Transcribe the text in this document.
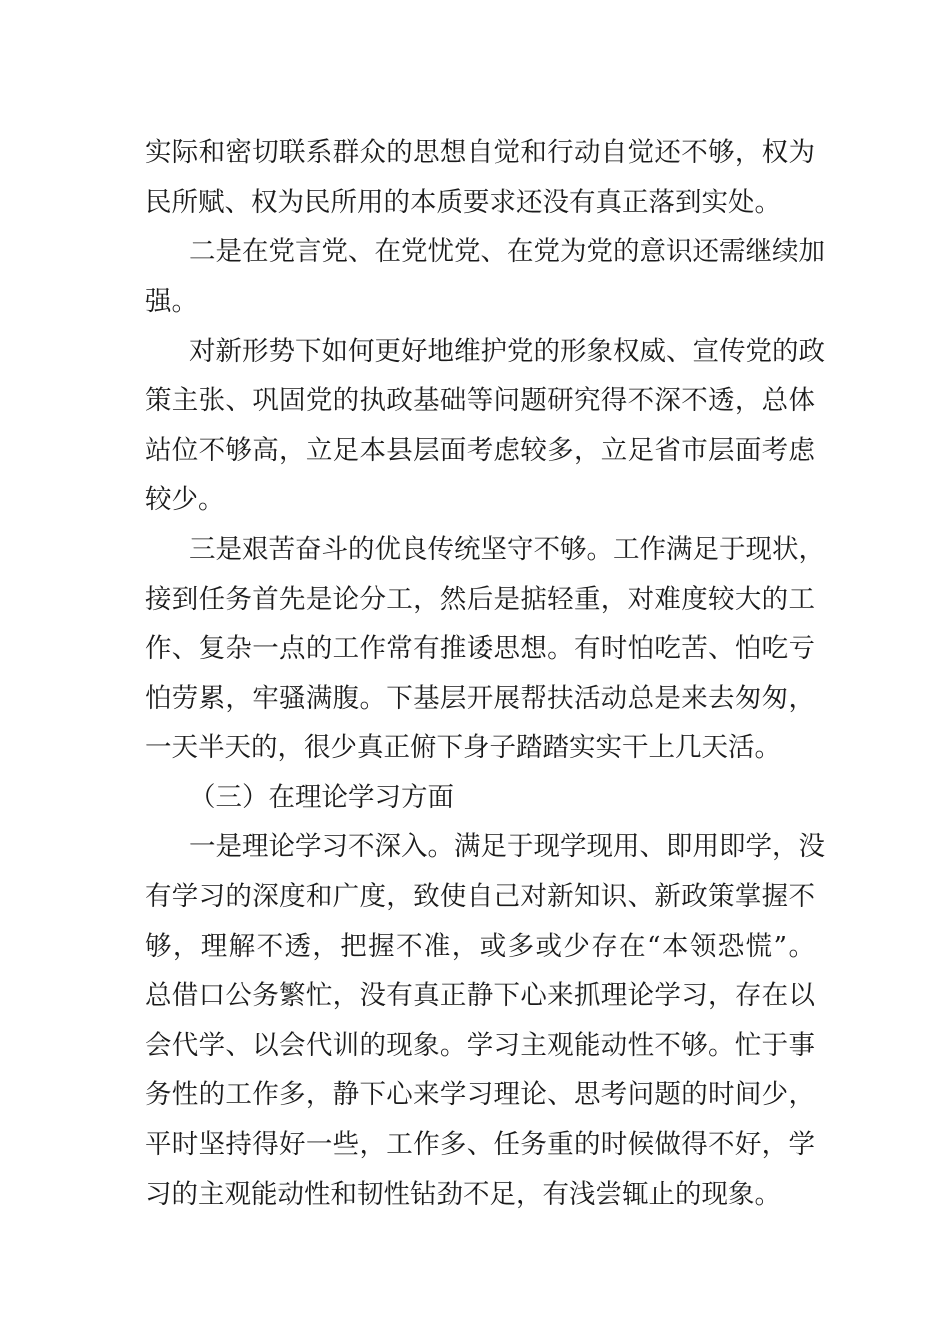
实际和密切联系群众的思想自觉和行动自觉还不够，权为
民所赋、权为民所用的本质要求还没有真正落到实处。
二是在党言党、在党忧党、在党为党的意识还需继续加
强。
对新形势下如何更好地维护党的形象权威、宣传党的政
策主张、巩固党的执政基础等问题研究得不深不透，总体
站位不够高，立足本县层面考虑较多，立足省市层面考虑
较少。
三是艰苦奋斗的优良传统坚守不够。工作满足于现状，
接到任务首先是论分工，然后是掂轻重，对难度较大的工
作、复杂一点的工作常有推诿思想。有时怕吃苦、怕吃亏
怕劳累，牢骚满腹。下基层开展帮扶活动总是来去匆匆，
一天半天的，很少真正俯下身子踏踏实实干上几天活。
（三）在理论学习方面
一是理论学习不深入。满足于现学现用、即用即学，没
有学习的深度和广度，致使自己对新知识、新政策掌握不
够，理解不透，把握不准，或多或少存在“本领恐慌”。
总借口公务繁忙，没有真正静下心来抓理论学习，存在以
会代学、以会代训的现象。学习主观能动性不够。忙于事
务性的工作多，静下心来学习理论、思考问题的时间少，
平时坚持得好一些，工作多、任务重的时候做得不好，学
习的主观能动性和韧性钻劲不足，有浅尝辄止的现象。
